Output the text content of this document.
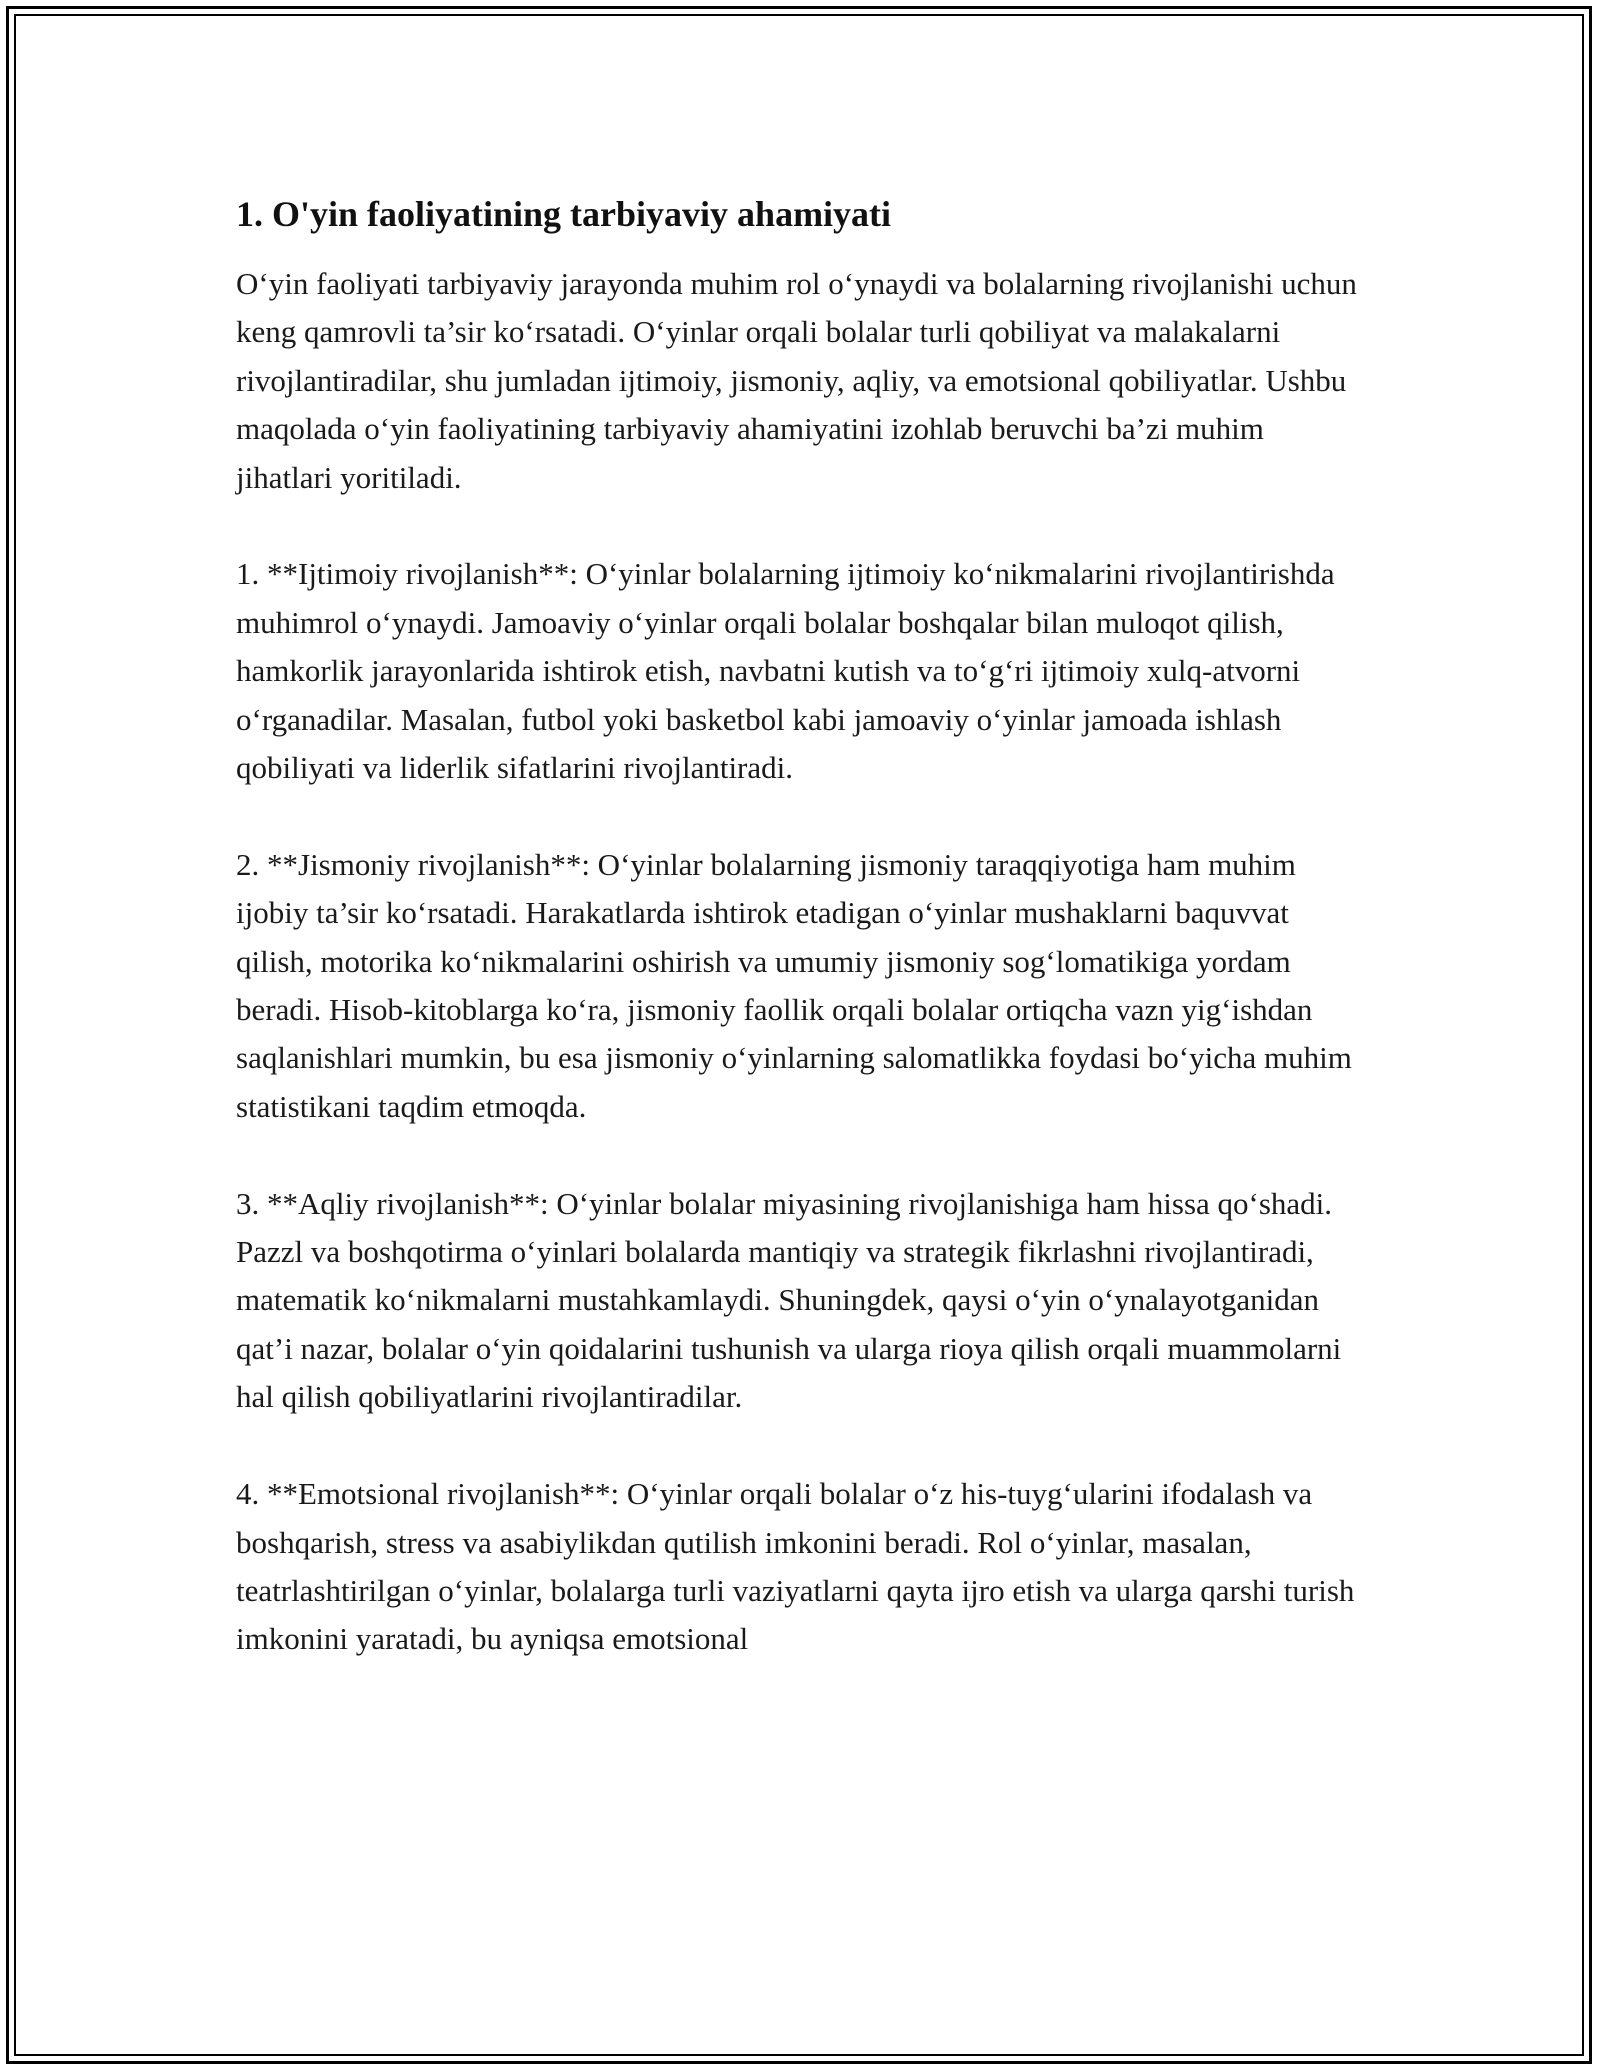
1. O'yin faoliyatining tarbiyaviy ahamiyati

O‘yin faoliyati tarbiyaviy jarayonda muhim rol o‘ynaydi va bolalarning rivojlanishi uchun keng qamrovli ta’sir ko‘rsatadi. O‘yinlar orqali bolalar turli qobiliyat va malakalarni rivojlantiradilar, shu jumladan ijtimoiy, jismoniy, aqliy, va emotsional qobiliyatlar. Ushbu maqolada o‘yin faoliyatining tarbiyaviy ahamiyatini izohlab beruvchi ba’zi muhim jihatlari yoritiladi.

1. **Ijtimoiy rivojlanish**: O‘yinlar bolalarning ijtimoiy ko‘nikmalarini rivojlantirishda muhimrol o‘ynaydi. Jamoaviy o‘yinlar orqali bolalar boshqalar bilan muloqot qilish, hamkorlik jarayonlarida ishtirok etish, navbatni kutish va to‘g‘ri ijtimoiy xulq-atvorni o‘rganadilar. Masalan, futbol yoki basketbol kabi jamoaviy o‘yinlar jamoada ishlash qobiliyati va liderlik sifatlarini rivojlantiradi.

2. **Jismoniy rivojlanish**: O‘yinlar bolalarning jismoniy taraqqiyotiga ham muhim ijobiy ta’sir ko‘rsatadi. Harakatlarda ishtirok etadigan o‘yinlar mushaklarni baquvvat qilish, motorika ko‘nikmalarini oshirish va umumiy jismoniy sog‘lomatikiga yordam beradi. Hisob-kitoblarga ko‘ra, jismoniy faollik orqali bolalar ortiqcha vazn yig‘ishdan saqlanishlari mumkin, bu esa jismoniy o‘yinlarning salomatlikka foydasi bo‘yicha muhim statistikani taqdim etmoqda.

3. **Aqliy rivojlanish**: O‘yinlar bolalar miyasining rivojlanishiga ham hissa qo‘shadi. Pazzl va boshqotirma o‘yinlari bolalarda mantiqiy va strategik fikrlashni rivojlantiradi, matematik ko‘nikmalarni mustahkamlaydi. Shuningdek, qaysi o‘yin o‘ynalayotganidan qat’i nazar, bolalar o‘yin qoidalarini tushunish va ularga rioya qilish orqali muammolarni hal qilish qobiliyatlarini rivojlantiradilar.

4. **Emotsional rivojlanish**: O‘yinlar orqali bolalar o‘z his-tuyg‘ularini ifodalash va boshqarish, stress va asabiylikdan qutilish imkonini beradi. Rol o‘yinlar, masalan, teatrlashtirilgan o‘yinlar, bolalarga turli vaziyatlarni qayta ijro etish va ularga qarshi turish imkonini yaratadi, bu ayniqsa emotsional
